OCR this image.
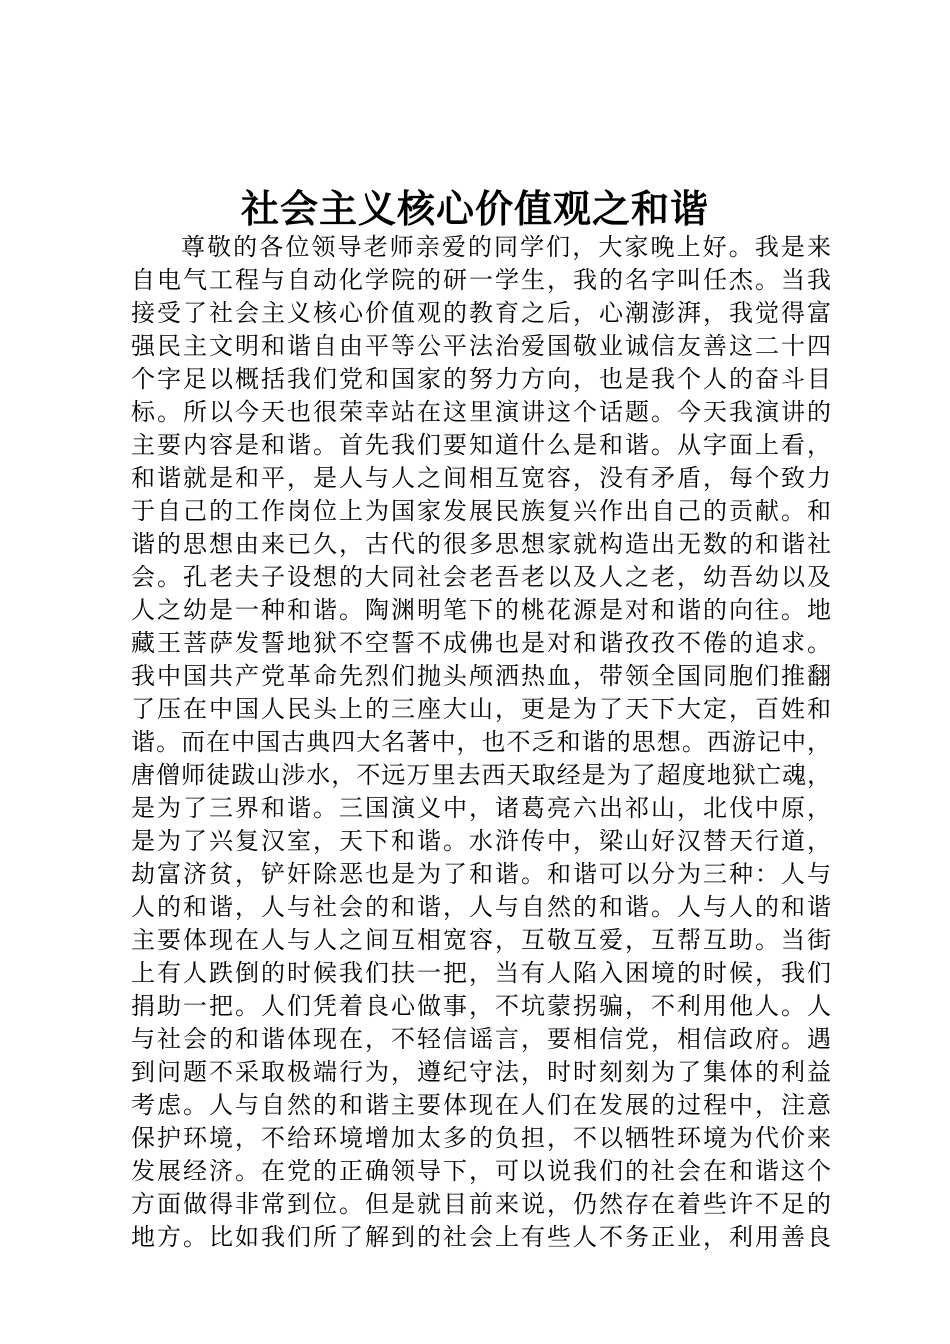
社会主义核心价值观之和谐
尊敬的各位领导老师亲爱的同学们，大家晚上好。我是来
自电气工程与自动化学院的研一学生，我的名字叫任杰。当我
接受了社会主义核心价值观的教育之后，心潮澎湃，我觉得富
强民主文明和谐自由平等公平法治爱国敬业诚信友善这二十四
个字足以概括我们党和国家的努力方向，也是我个人的奋斗目
标。所以今天也很荣幸站在这里演讲这个话题。今天我演讲的
主要内容是和谐。首先我们要知道什么是和谐。从字面上看，
和谐就是和平，是人与人之间相互宽容，没有矛盾，每个致力
于自己的工作岗位上为国家发展民族复兴作出自己的贡献。和
谐的思想由来已久，古代的很多思想家就构造出无数的和谐社
会。孔老夫子设想的大同社会老吾老以及人之老，幼吾幼以及
人之幼是一种和谐。陶渊明笔下的桃花源是对和谐的向往。地
藏王菩萨发誓地狱不空誓不成佛也是对和谐孜孜不倦的追求。
我中国共产党革命先烈们抛头颅洒热血，带领全国同胞们推翻
了压在中国人民头上的三座大山，更是为了天下大定，百姓和
谐。而在中国古典四大名著中，也不乏和谐的思想。西游记中，
唐僧师徒跋山涉水，不远万里去西天取经是为了超度地狱亡魂，
是为了三界和谐。三国演义中，诸葛亮六出祁山，北伐中原，
是为了兴复汉室，天下和谐。水浒传中，梁山好汉替天行道，
劫富济贫，铲奸除恶也是为了和谐。和谐可以分为三种：人与
人的和谐，人与社会的和谐，人与自然的和谐。人与人的和谐
主要体现在人与人之间互相宽容，互敬互爱，互帮互助。当街
上有人跌倒的时候我们扶一把，当有人陷入困境的时候，我们
捐助一把。人们凭着良心做事，不坑蒙拐骗，不利用他人。人
与社会的和谐体现在，不轻信谣言，要相信党，相信政府。遇
到问题不采取极端行为，遵纪守法，时时刻刻为了集体的利益
考虑。人与自然的和谐主要体现在人们在发展的过程中，注意
保护环境，不给环境增加太多的负担，不以牺牲环境为代价来
发展经济。在党的正确领导下，可以说我们的社会在和谐这个
方面做得非常到位。但是就目前来说，仍然存在着些许不足的
地方。比如我们所了解到的社会上有些人不务正业，利用善良
